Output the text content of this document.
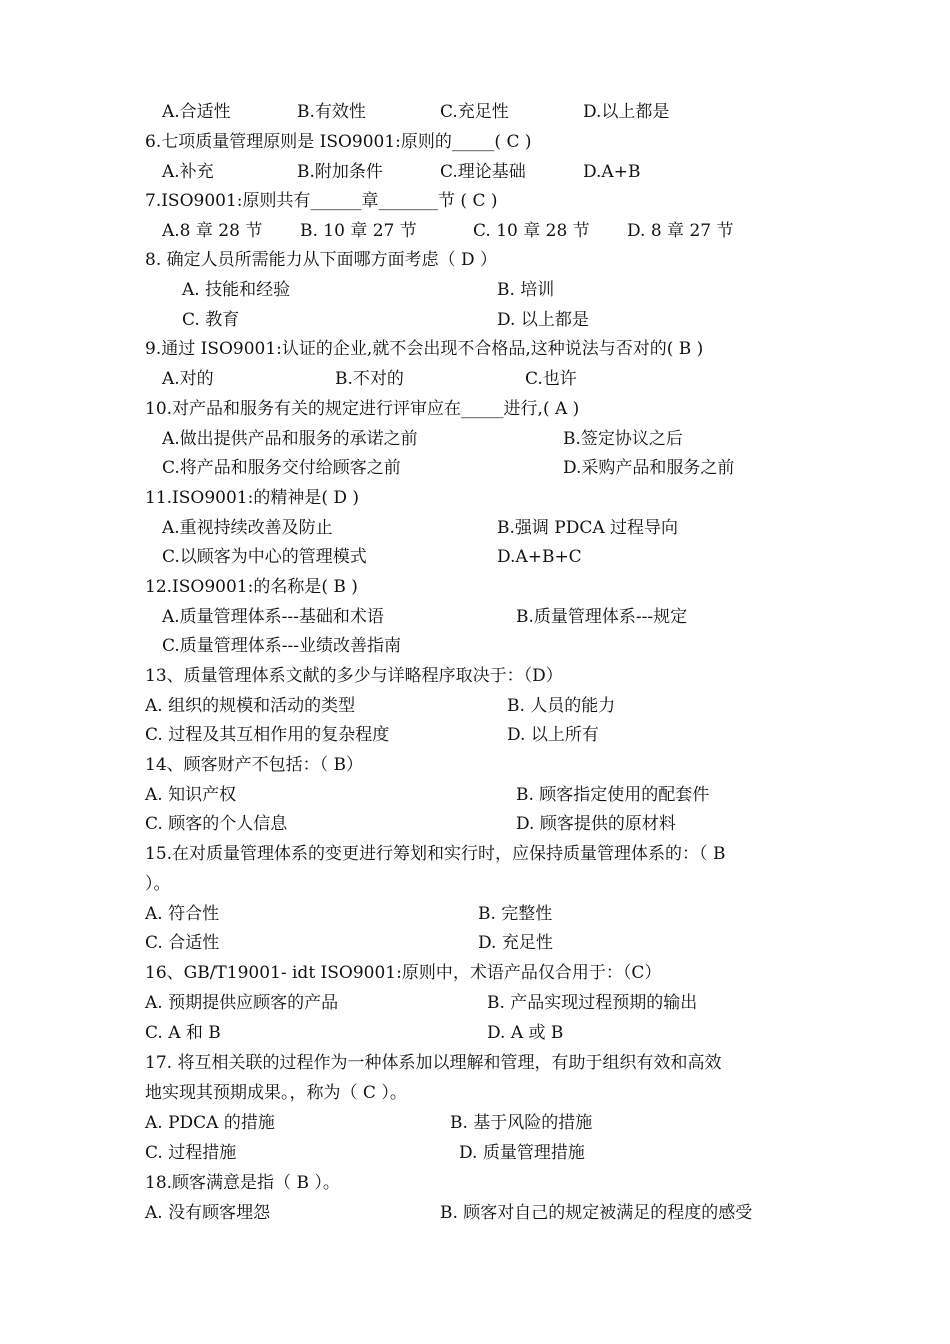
A.合适性	B.有效性	C.充足性	D.以上都是
6.七项质量管理原则是 ISO9001:原则的_____( C )
A.补充	B.附加条件	C.理论基础	D.A+B
7.ISO9001:原则共有______章_______节 ( C )
A.8 章 28 节 B. 10 章 27 节	C. 10 章 28 节 D. 8 章 27 节
8. 确定人员所需能力从下面哪方面考虑（ D ）
A. 技能和经验	B. 培训
C. 教育	D. 以上都是
9.通过 ISO9001:认证的企业,就不会出现不合格品,这种说法与否对的( B )
A.对的	B.不对的	C.也许
10.对产品和服务有关的规定进行评审应在_____进行,( A )
A.做出提供产品和服务的承诺之前	B.签定协议之后
C.将产品和服务交付给顾客之前	D.采购产品和服务之前
11.ISO9001:的精神是( D )
A.重视持续改善及防止	B.强调 PDCA 过程导向
C.以顾客为中心的管理模式	D.A+B+C
12.ISO9001:的名称是( B )
A.质量管理体系---基础和术语	B.质量管理体系---规定
C.质量管理体系---业绩改善指南
13、质量管理体系文献的多少与详略程序取决于：（D）
A. 组织的规模和活动的类型	B. 人员的能力
C. 过程及其互相作用的复杂程度	D. 以上所有
14、顾客财产不包括：（ B）
A. 知识产权	B. 顾客指定使用的配套件
C. 顾客的个人信息	D. 顾客提供的原材料
15.在对质量管理体系的变更进行筹划和实行时，应保持质量管理体系的：（ B
）。
A. 符合性	B. 完整性
C. 合适性	D. 充足性
16、GB/T19001- idt ISO9001:原则中，术语产品仅合用于：（C）
A. 预期提供应顾客的产品	B. 产品实现过程预期的输出
C. A 和 B	D. A 或 B
17. 将互相关联的过程作为一种体系加以理解和管理，有助于组织有效和高效
地实现其预期成果。，称为（ C ）。
A. PDCA 的措施	B. 基于风险的措施
C. 过程措施	D. 质量管理措施
18.顾客满意是指（ B ）。
A. 没有顾客埋怨	B. 顾客对自己的规定被满足的程度的感受
